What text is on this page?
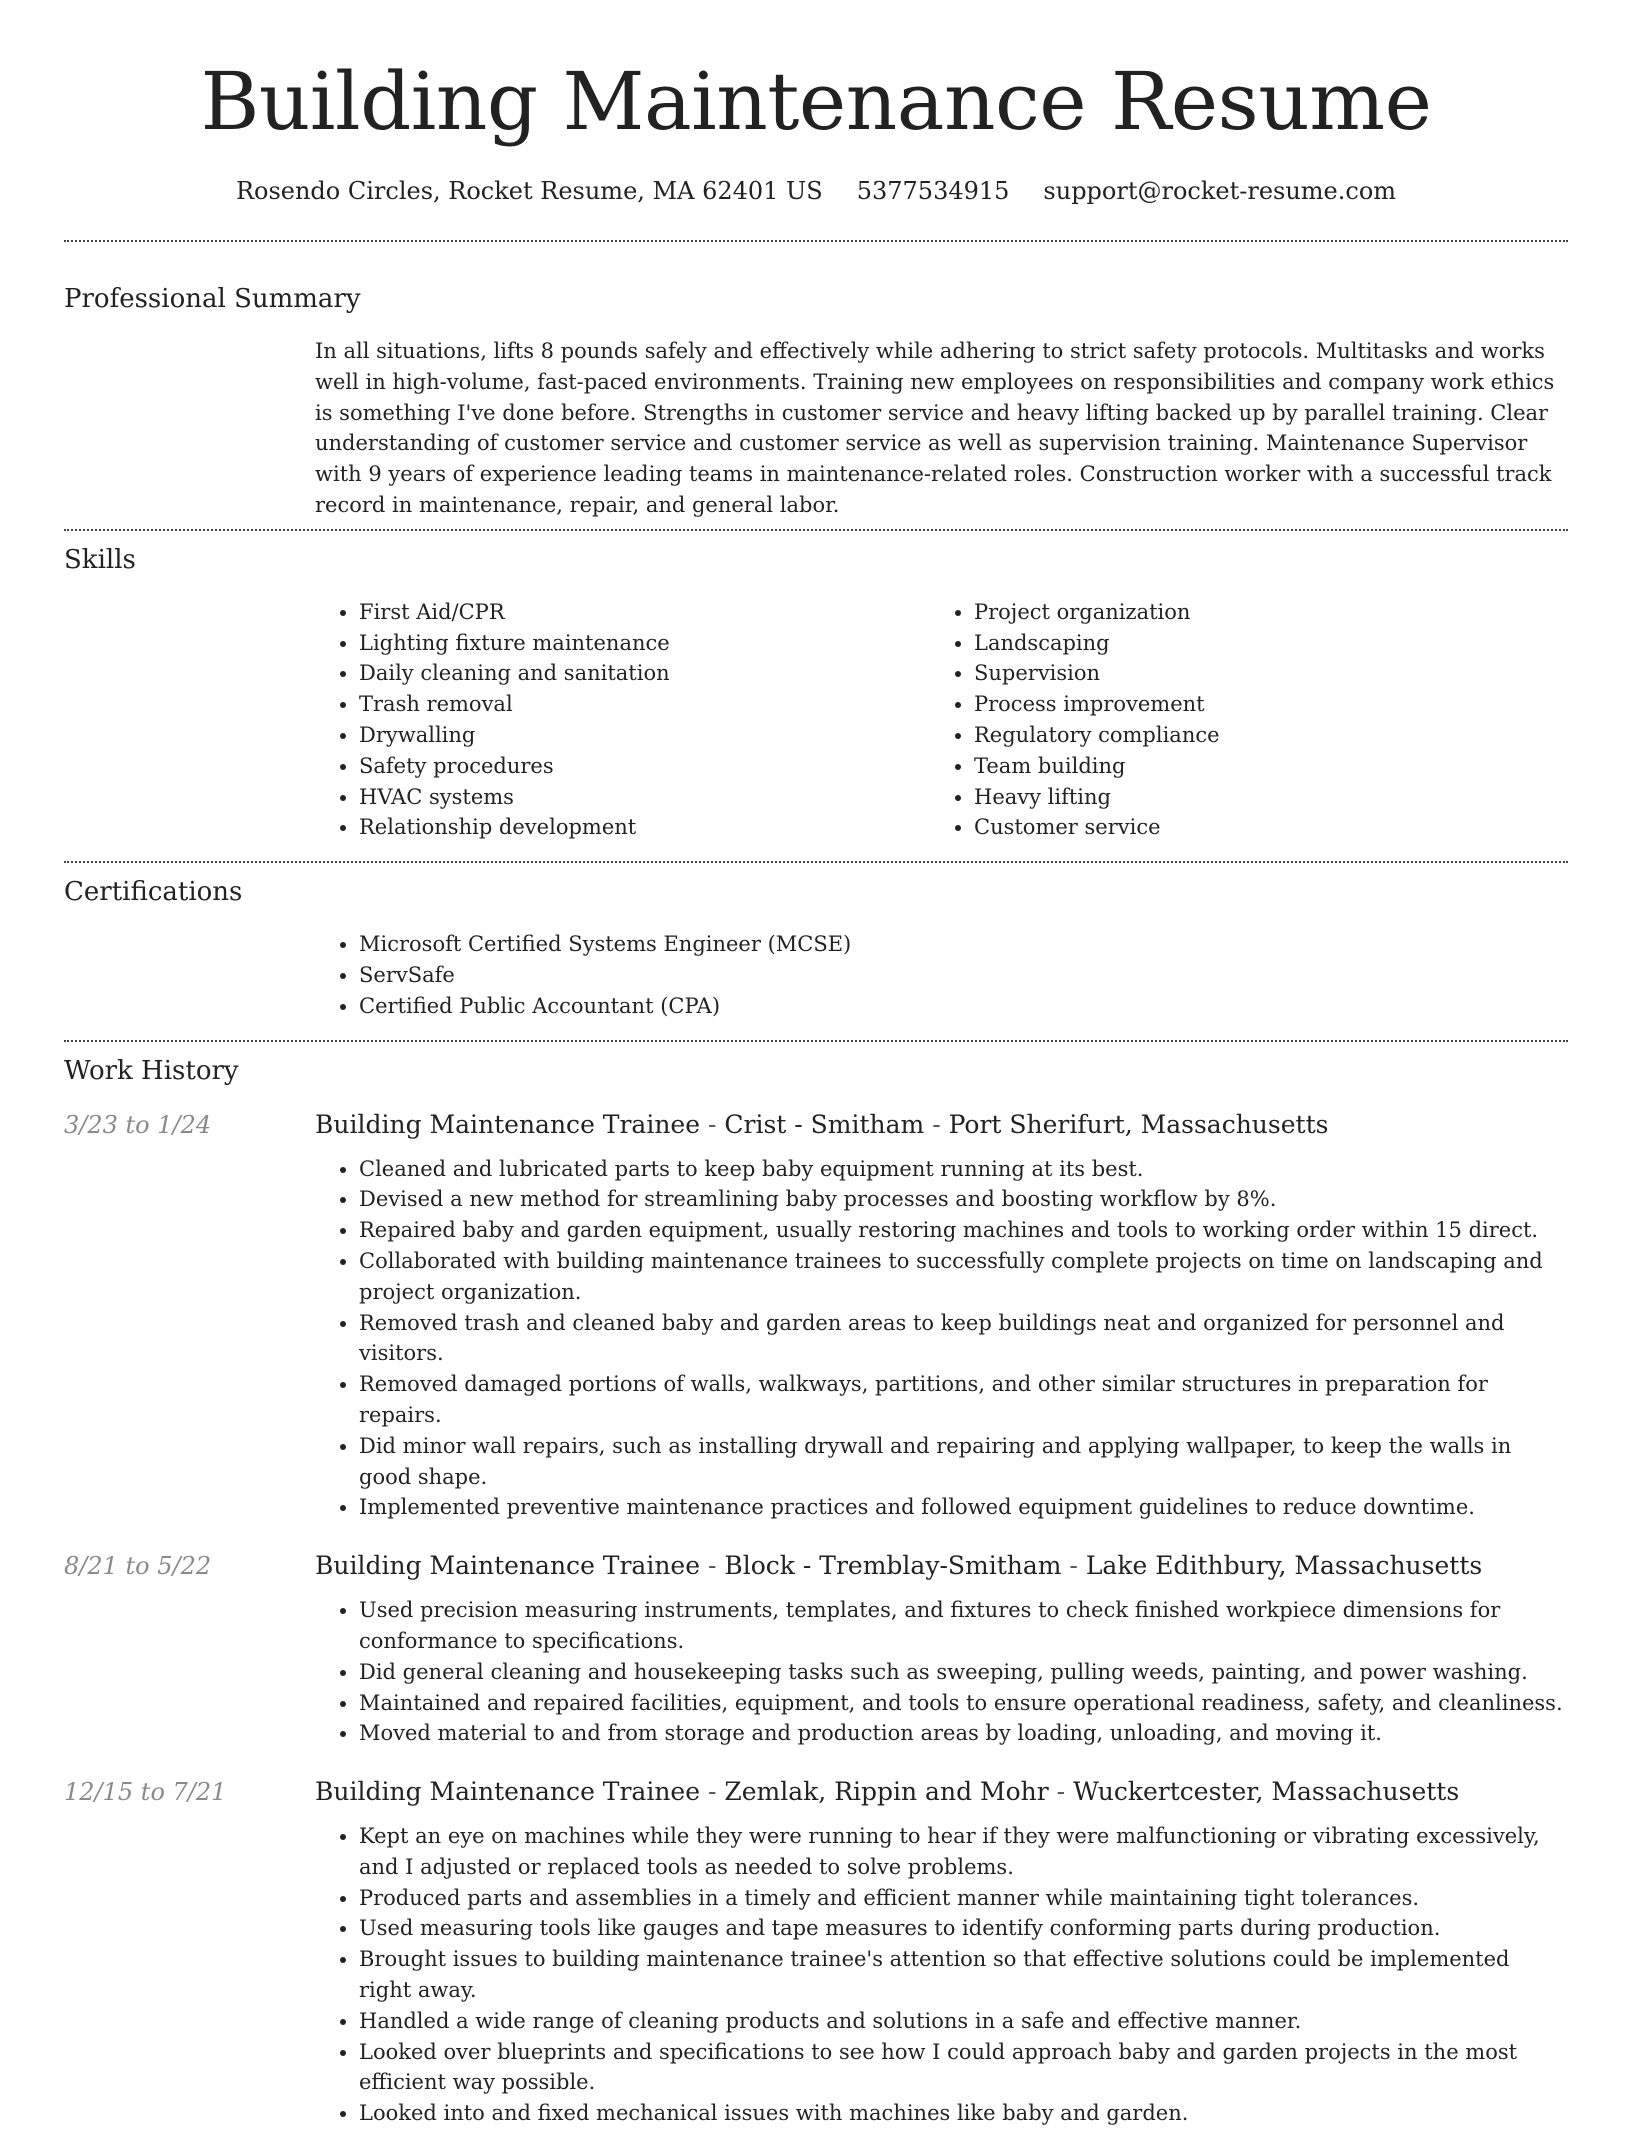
Building Maintenance Resume
Rosendo Circles, Rocket Resume, MA 62401 US 5377534915 support@rocket-resume.com
Professional Summary

In all situations, lifts 8 pounds safely and effectively while adhering to strict safety protocols. Multitasks and works well in high-volume, fast-paced environments. Training new employees on responsibilities and company work ethics is something I've done before. Strengths in customer service and heavy lifting backed up by parallel training. Clear understanding of customer service and customer service as well as supervision training. Maintenance Supervisor with 9 years of experience leading teams in maintenance-related roles. Construction worker with a successful track record in maintenance, repair, and general labor.

Skills
• First Aid/CPR
• Lighting fixture maintenance
• Daily cleaning and sanitation
• Trash removal
• Drywalling
• Safety procedures
• HVAC systems
• Relationship development
• Project organization
• Landscaping
• Supervision
• Process improvement
• Regulatory compliance
• Team building
• Heavy lifting
• Customer service
Certifications
• Microsoft Certified Systems Engineer (MCSE)
• ServSafe
• Certified Public Accountant (CPA)
Work History
3/23 to 1/24	Building Maintenance Trainee - Crist - Smitham - Port Sherifurt, Massachusetts
• Cleaned and lubricated parts to keep baby equipment running at its best.
• Devised a new method for streamlining baby processes and boosting workflow by 8%.
• Repaired baby and garden equipment, usually restoring machines and tools to working order within 15 direct.
• Collaborated with building maintenance trainees to successfully complete projects on time on landscaping and project organization.
• Removed trash and cleaned baby and garden areas to keep buildings neat and organized for personnel and visitors.
• Removed damaged portions of walls, walkways, partitions, and other similar structures in preparation for repairs.
• Did minor wall repairs, such as installing drywall and repairing and applying wallpaper, to keep the walls in good shape.
• Implemented preventive maintenance practices and followed equipment guidelines to reduce downtime.
8/21 to 5/22	Building Maintenance Trainee - Block - Tremblay-Smitham - Lake Edithbury, Massachusetts
• Used precision measuring instruments, templates, and fixtures to check finished workpiece dimensions for conformance to specifications.
• Did general cleaning and housekeeping tasks such as sweeping, pulling weeds, painting, and power washing.
• Maintained and repaired facilities, equipment, and tools to ensure operational readiness, safety, and cleanliness.
• Moved material to and from storage and production areas by loading, unloading, and moving it.
12/15 to 7/21	Building Maintenance Trainee - Zemlak, Rippin and Mohr - Wuckertcester, Massachusetts
• Kept an eye on machines while they were running to hear if they were malfunctioning or vibrating excessively, and I adjusted or replaced tools as needed to solve problems.
• Produced parts and assemblies in a timely and efficient manner while maintaining tight tolerances.
• Used measuring tools like gauges and tape measures to identify conforming parts during production.
• Brought issues to building maintenance trainee's attention so that effective solutions could be implemented right away.
• Handled a wide range of cleaning products and solutions in a safe and effective manner.
• Looked over blueprints and specifications to see how I could approach baby and garden projects in the most efficient way possible.
• Looked into and fixed mechanical issues with machines like baby and garden.
